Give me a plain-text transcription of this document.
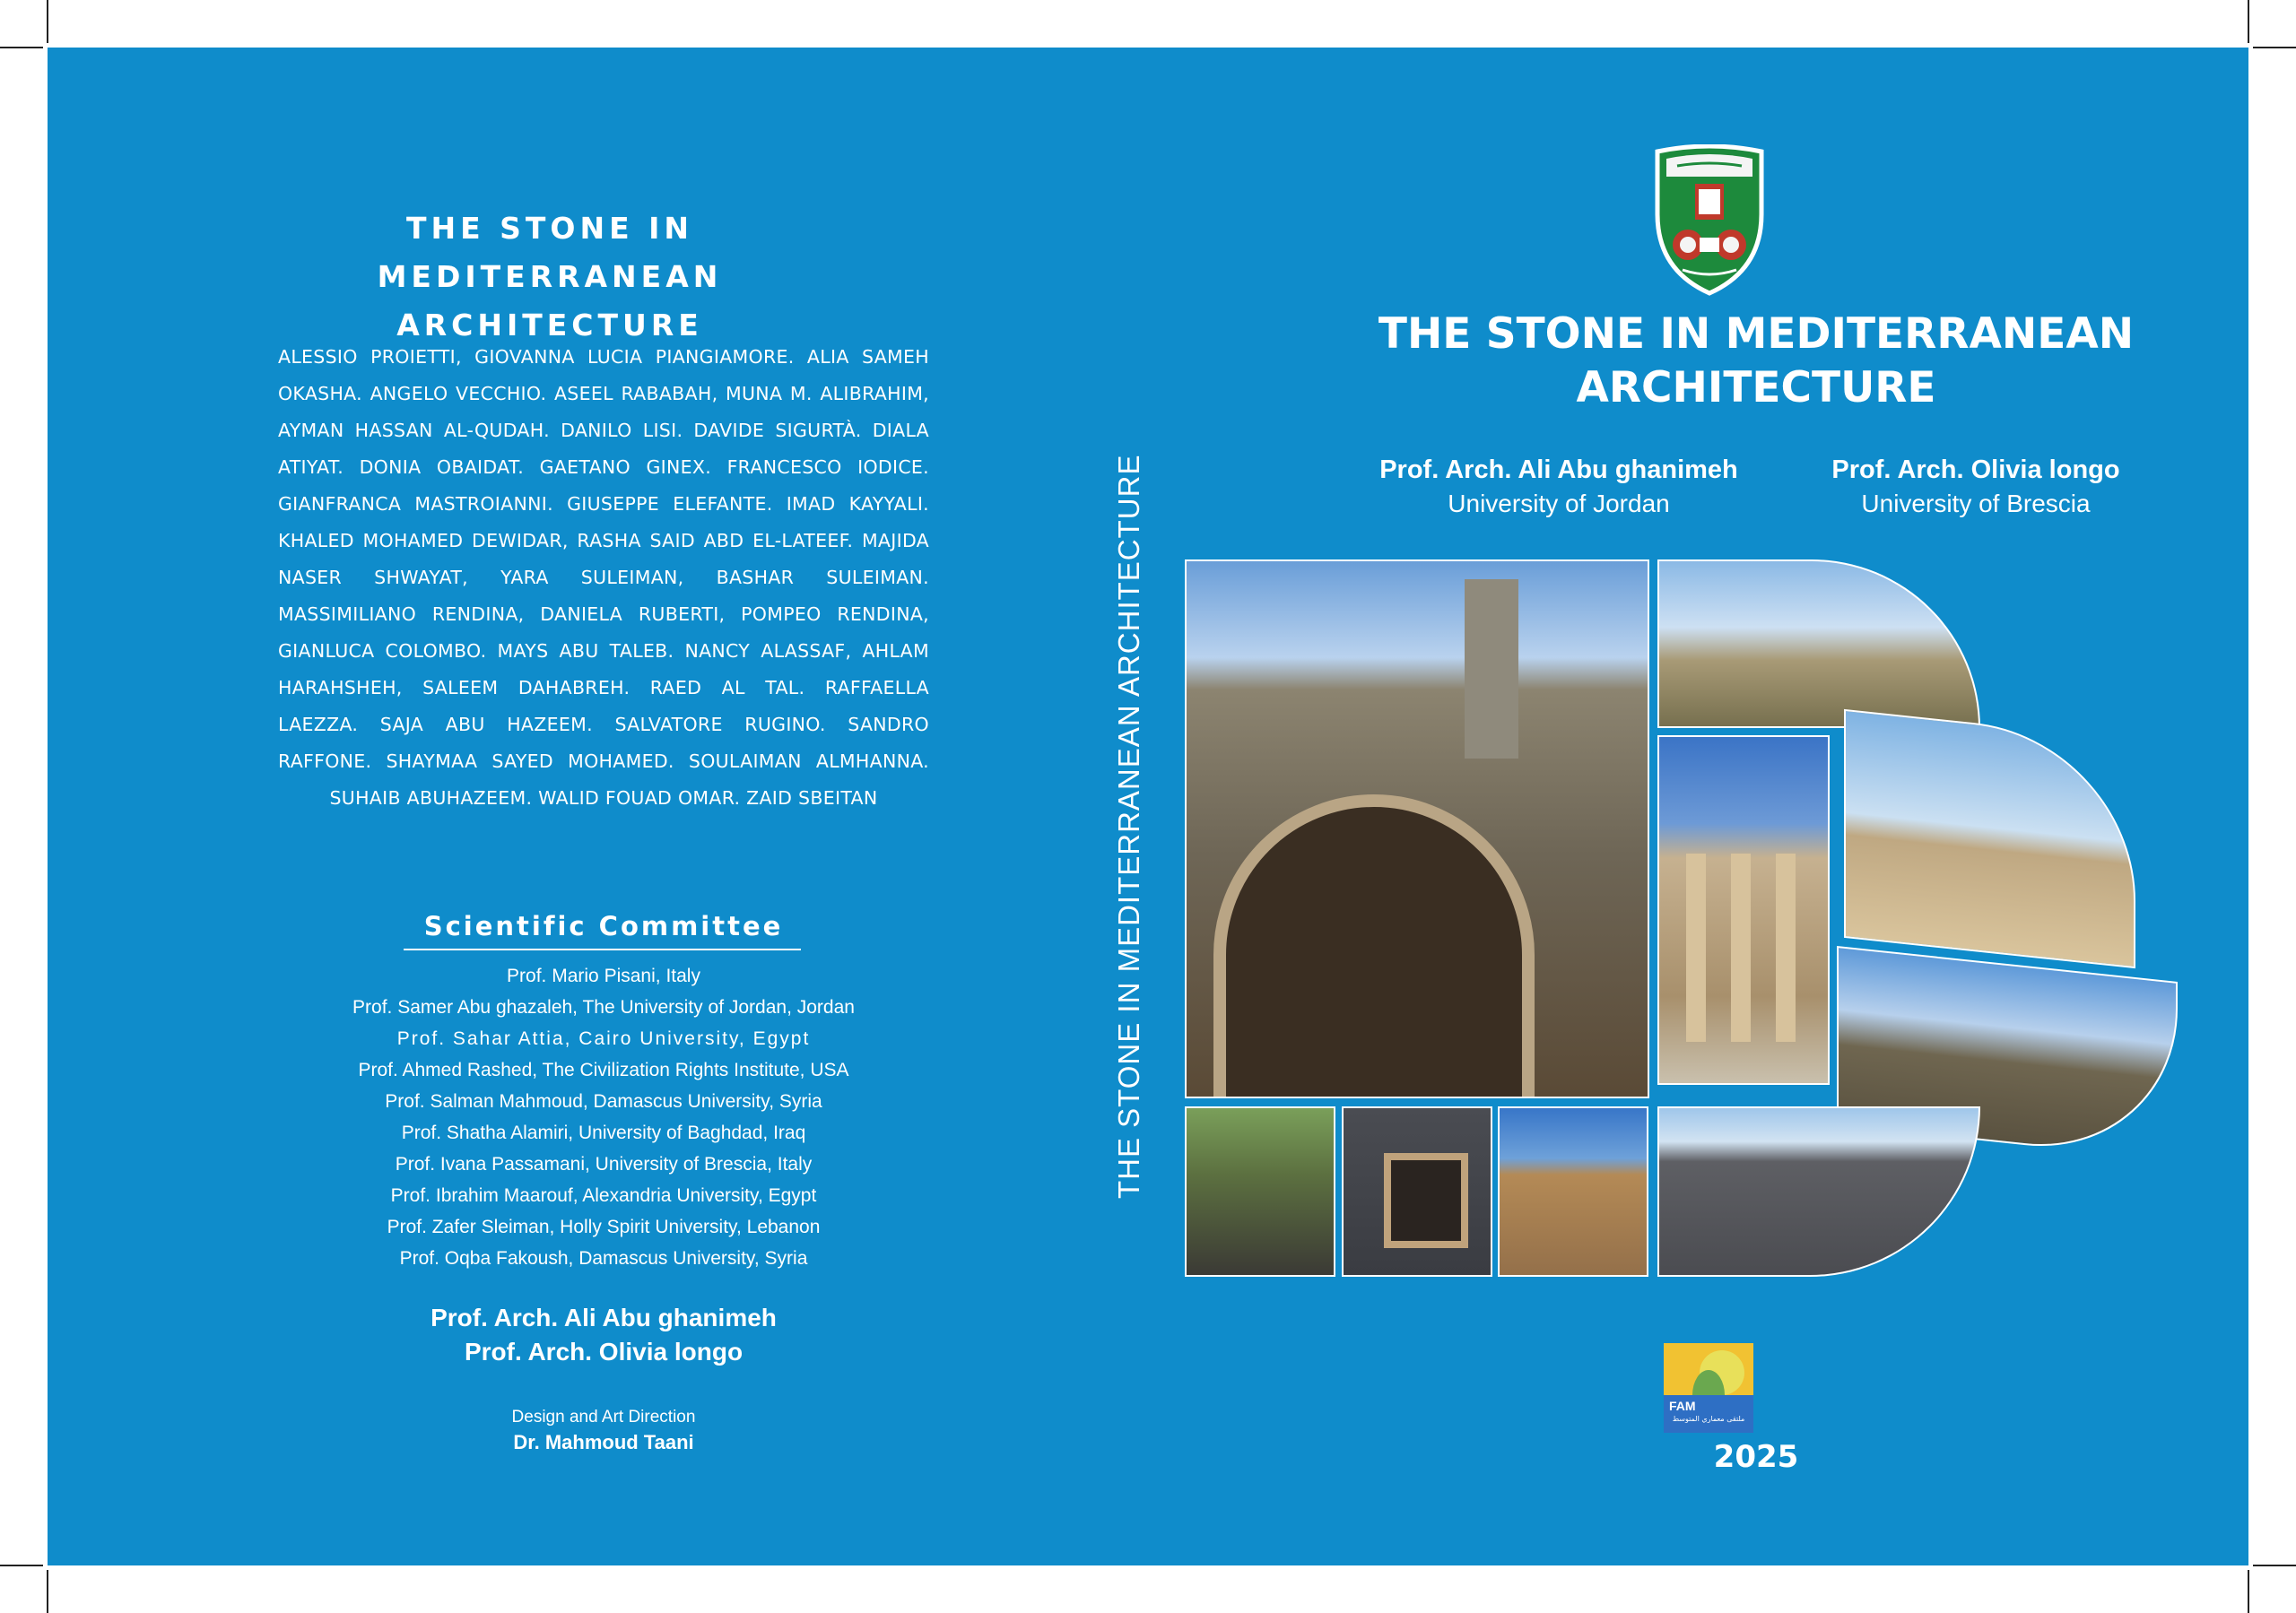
THE STONE IN MEDITERRANEAN ARCHITECTURE
ALESSIO PROIETTI, GIOVANNA LUCIA PIANGIAMORE. ALIA SAMEH OKASHA. ANGELO VECCHIO. ASEEL RABABAH, MUNA M. ALIBRAHIM, AYMAN HASSAN AL-QUDAH. DANILO LISI. DAVIDE SIGURTÀ. DIALA ATIYAT. DONIA OBAIDAT. GAETANO GINEX. FRANCESCO IODICE. GIANFRANCA MASTROIANNI. GIUSEPPE ELEFANTE. IMAD KAYYALI. KHALED MOHAMED DEWIDAR, RASHA SAID ABD EL-LATEEF. MAJIDA NASER SHWAYAT, YARA SULEIMAN, BASHAR SULEIMAN. MASSIMILIANO RENDINA, DANIELA RUBERTI, POMPEO RENDINA, GIANLUCA COLOMBO. MAYS ABU TALEB. NANCY ALASSAF, AHLAM HARAHSHEH, SALEEM DAHABREH. RAED AL TAL. RAFFAELLA LAEZZA. SAJA ABU HAZEEM. SALVATORE RUGINO. SANDRO RAFFONE. SHAYMAA SAYED MOHAMED. SOULAIMAN ALMHANNA. SUHAIB ABUHAZEEM. WALID FOUAD OMAR. ZAID SBEITAN
Scientific Committee
Prof. Mario Pisani, Italy
Prof. Samer Abu ghazaleh, The University of Jordan, Jordan
Prof. Sahar Attia, Cairo University, Egypt
Prof. Ahmed Rashed, The Civilization Rights Institute, USA
Prof. Salman Mahmoud, Damascus University, Syria
Prof. Shatha Alamiri, University of Baghdad, Iraq
Prof. Ivana Passamani, University of Brescia, Italy
Prof. Ibrahim Maarouf, Alexandria University, Egypt
Prof. Zafer Sleiman, Holly Spirit University, Lebanon
Prof. Oqba Fakoush, Damascus University, Syria
Prof. Arch. Ali Abu ghanimeh
Prof. Arch. Olivia longo
Design and Art Direction
Dr. Mahmoud Taani
THE STONE IN MEDITERRANEAN ARCHITECTURE
THE STONE IN MEDITERRANEAN
ARCHITECTURE
Prof. Arch. Ali Abu ghanimeh
University of Jordan
Prof. Arch. Olivia longo
University of Brescia
FAM
ملتقى معماري المتوسط
2025
